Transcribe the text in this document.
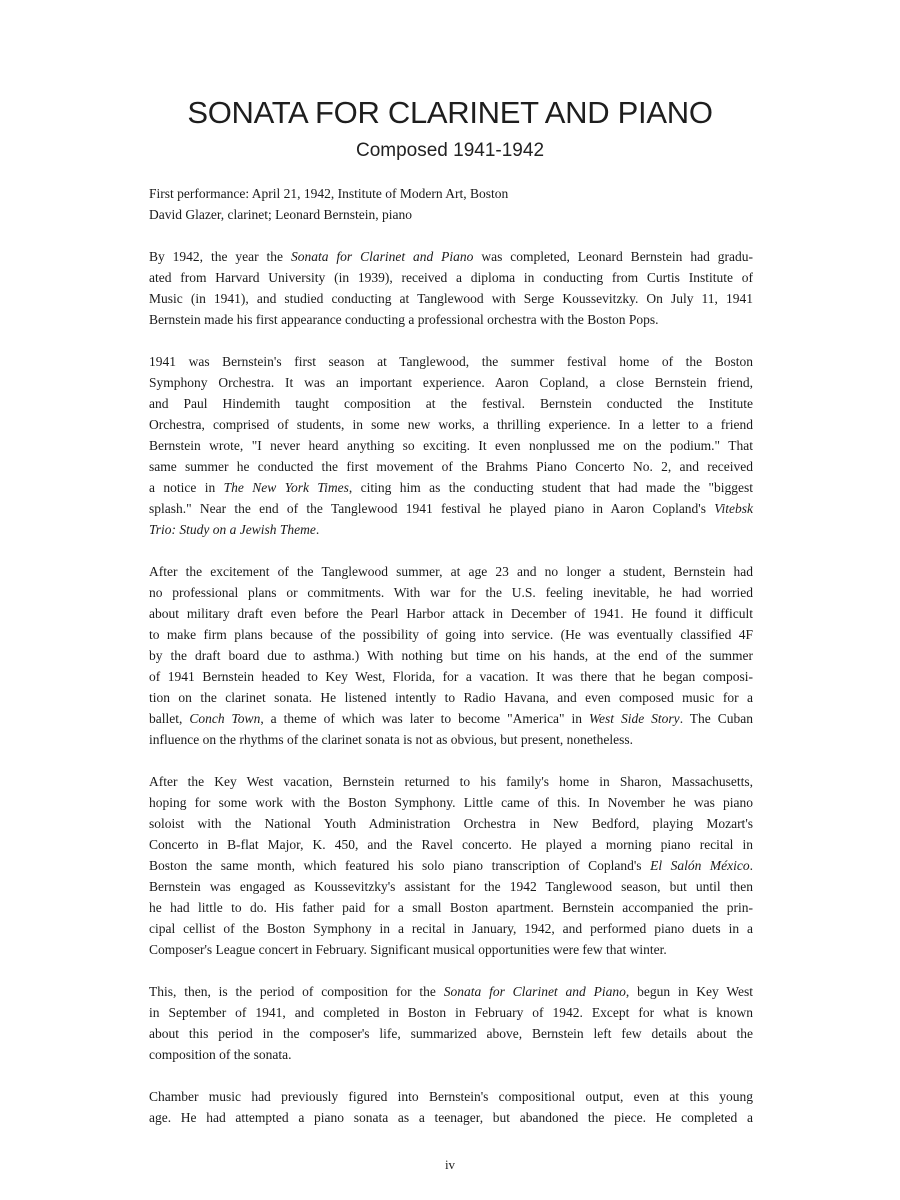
SONATA FOR CLARINET AND PIANO
Composed 1941-1942
First performance: April 21, 1942, Institute of Modern Art, Boston
David Glazer, clarinet; Leonard Bernstein, piano
By 1942, the year the Sonata for Clarinet and Piano was completed, Leonard Bernstein had gradu-
ated from Harvard University (in 1939), received a diploma in conducting from Curtis Institute of
Music (in 1941), and studied conducting at Tanglewood with Serge Koussevitzky. On July 11, 1941
Bernstein made his first appearance conducting a professional orchestra with the Boston Pops.
1941 was Bernstein's first season at Tanglewood, the summer festival home of the Boston
Symphony Orchestra. It was an important experience. Aaron Copland, a close Bernstein friend,
and Paul Hindemith taught composition at the festival. Bernstein conducted the Institute
Orchestra, comprised of students, in some new works, a thrilling experience. In a letter to a friend
Bernstein wrote, "I never heard anything so exciting. It even nonplussed me on the podium." That
same summer he conducted the first movement of the Brahms Piano Concerto No. 2, and received
a notice in The New York Times, citing him as the conducting student that had made the "biggest
splash." Near the end of the Tanglewood 1941 festival he played piano in Aaron Copland's Vitebsk
Trio: Study on a Jewish Theme.
After the excitement of the Tanglewood summer, at age 23 and no longer a student, Bernstein had
no professional plans or commitments. With war for the U.S. feeling inevitable, he had worried
about military draft even before the Pearl Harbor attack in December of 1941. He found it difficult
to make firm plans because of the possibility of going into service. (He was eventually classified 4F
by the draft board due to asthma.) With nothing but time on his hands, at the end of the summer
of 1941 Bernstein headed to Key West, Florida, for a vacation. It was there that he began composi-
tion on the clarinet sonata. He listened intently to Radio Havana, and even composed music for a
ballet, Conch Town, a theme of which was later to become "America" in West Side Story. The Cuban
influence on the rhythms of the clarinet sonata is not as obvious, but present, nonetheless.
After the Key West vacation, Bernstein returned to his family's home in Sharon, Massachusetts,
hoping for some work with the Boston Symphony. Little came of this. In November he was piano
soloist with the National Youth Administration Orchestra in New Bedford, playing Mozart's
Concerto in B-flat Major, K. 450, and the Ravel concerto. He played a morning piano recital in
Boston the same month, which featured his solo piano transcription of Copland's El Salón México.
Bernstein was engaged as Koussevitzky's assistant for the 1942 Tanglewood season, but until then
he had little to do. His father paid for a small Boston apartment. Bernstein accompanied the prin-
cipal cellist of the Boston Symphony in a recital in January, 1942, and performed piano duets in a
Composer's League concert in February. Significant musical opportunities were few that winter.
This, then, is the period of composition for the Sonata for Clarinet and Piano, begun in Key West
in September of 1941, and completed in Boston in February of 1942. Except for what is known
about this period in the composer's life, summarized above, Bernstein left few details about the
composition of the sonata.
Chamber music had previously figured into Bernstein's compositional output, even at this young
age. He had attempted a piano sonata as a teenager, but abandoned the piece. He completed a
iv
